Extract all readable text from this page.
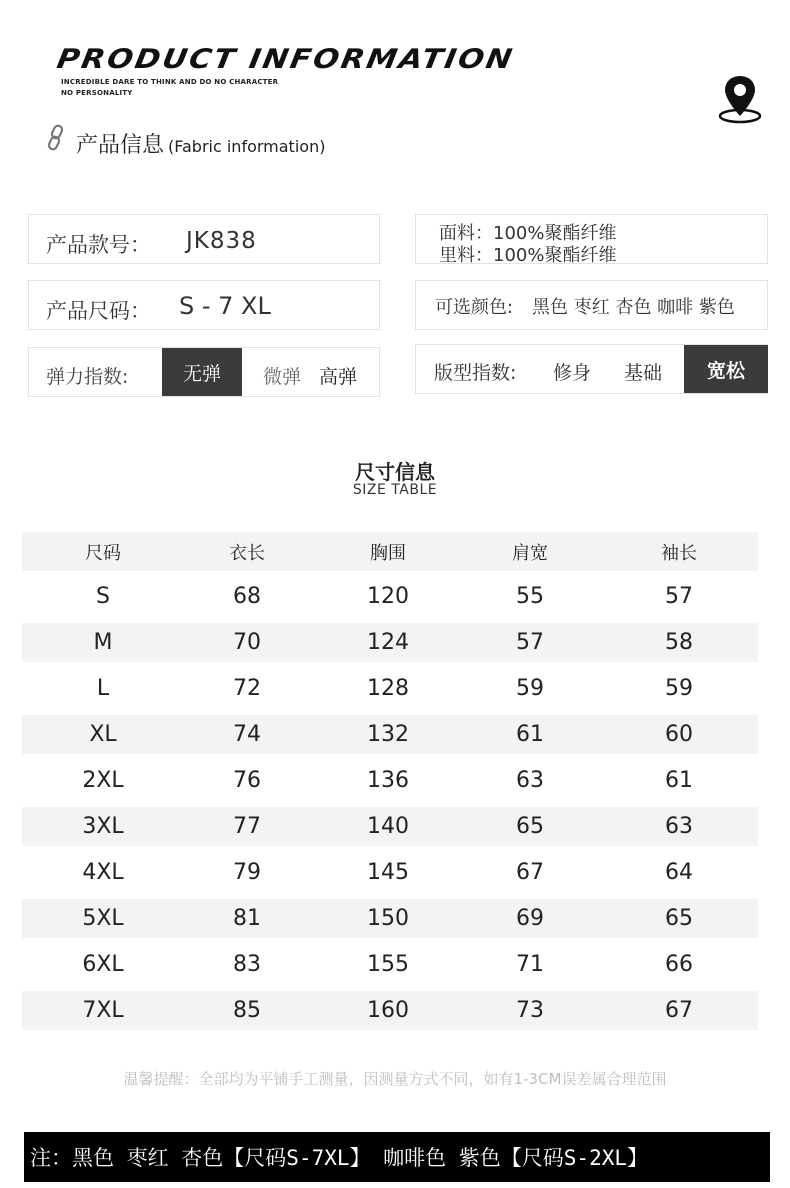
PRODUCT INFORMATION
INCREDIBLE DARE TO THINK AND DO NO CHARACTER
NO PERSONALITY
产品信息 (Fabric information)
产品款号： JK838
产品尺码： S - 7 XL
弹力指数:	无弹	微弹 高弹
面料：100%聚酯纤维
里料：100%聚酯纤维
可选颜色: 黑色 枣红 杏色 咖啡 紫色
版型指数: 修身 基础	宽松
尺寸信息
SIZE TABLE
尺码	衣长	胸围	肩宽	袖长
S	68	120	55	57
M	70	124	57	58
L	72	128	59	59
XL	74	132	61	60
2XL	76	136	63	61
3XL	77	140	65	63
4XL	79	145	67	64
5XL	81	150	69	65
6XL	83	155	71	66
7XL	85	160	73	67
温馨提醒：全部均为平铺手工测量，因测量方式不同，如有1-3CM误差属合理范围
注：黑色 枣红 杏色【尺码S-7XL】 咖啡色 紫色【尺码S-2XL】
